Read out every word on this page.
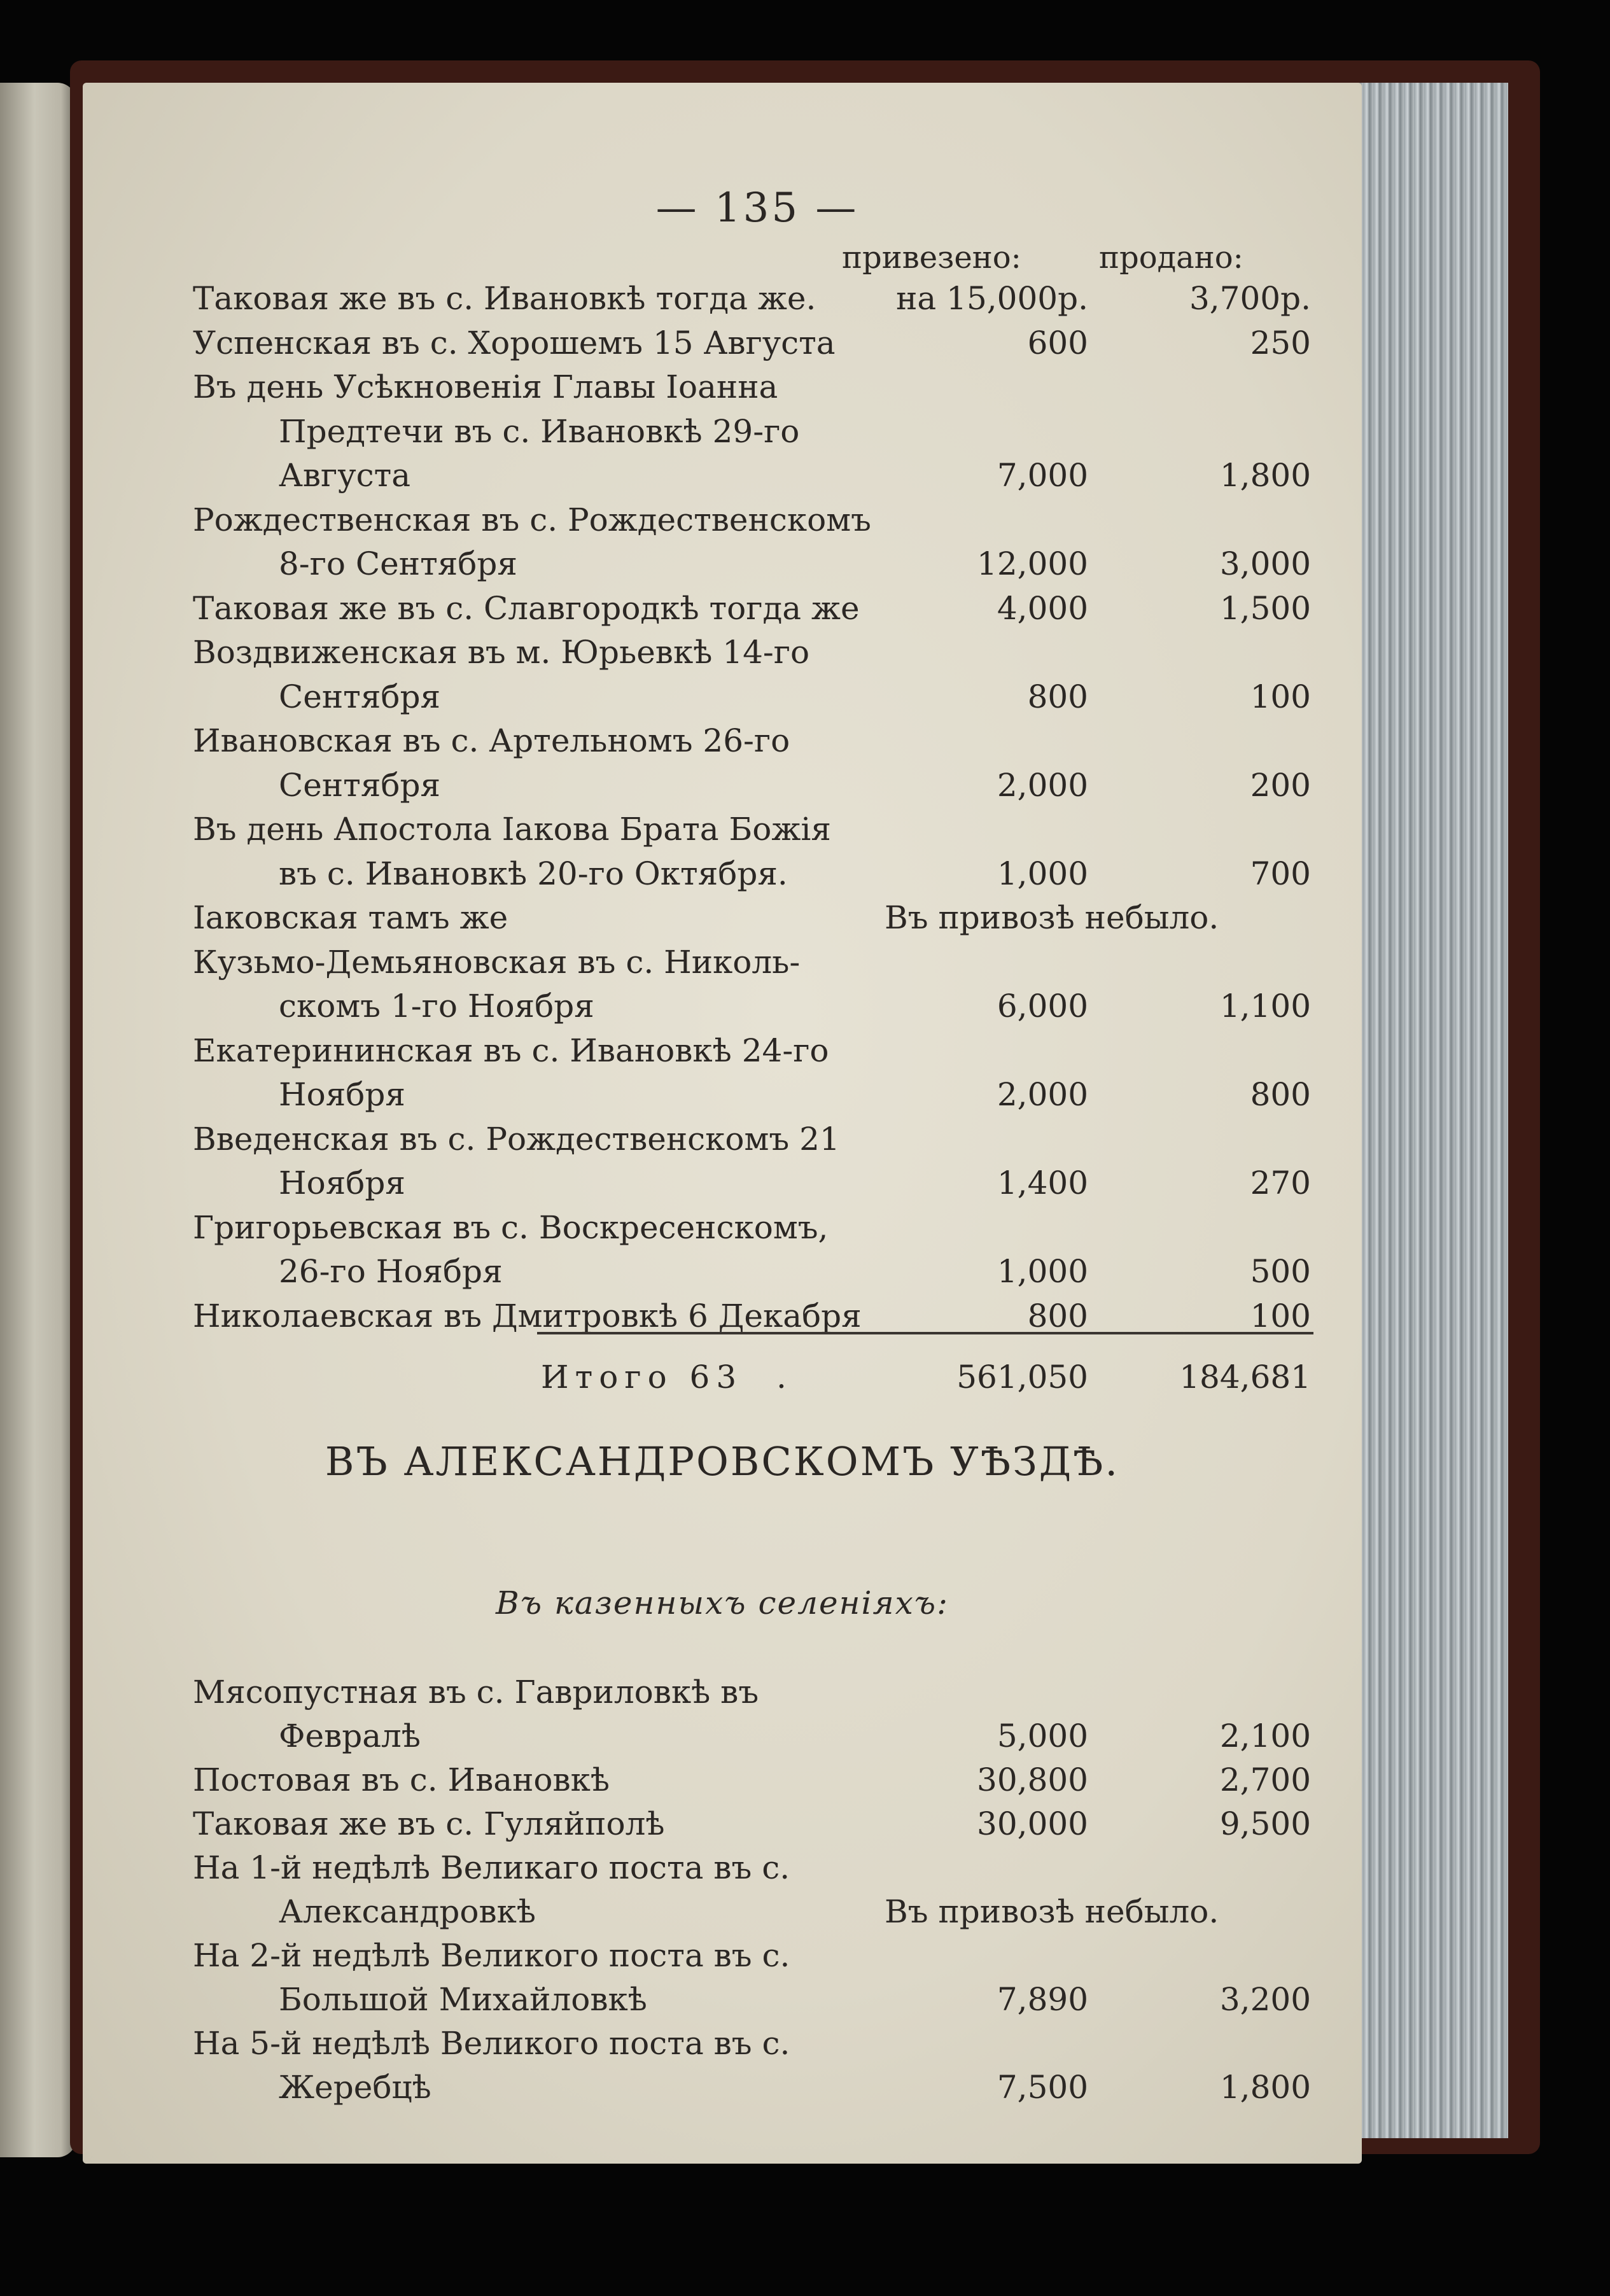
— 135 —
привезено:	продано:
Таковая же въ с. Ивановкѣ тогда же.	на 15,000р.	3,700р.
Успенская въ с. Хорошемъ 15 Августа	600	250
Въ день Усѣкновенія Главы Іоанна
Предтечи въ с. Ивановкѣ 29-го
Августа	7,000	1,800
Рождественская въ с. Рождественскомъ
8-го Сентября	12,000	3,000
Таковая же въ с. Славгородкѣ тогда же	4,000	1,500
Воздвиженская въ м. Юрьевкѣ 14-го
Сентября	800	100
Ивановская въ с. Артельномъ 26-го
Сентября	2,000	200
Въ день Апостола Іакова Брата Божія
въ с. Ивановкѣ 20-го Октября.	1,000	700
Іаковская тамъ же	Въ привозѣ небыло.
Кузьмо-Демьяновская въ с. Николь-
скомъ 1-го Ноября	6,000	1,100
Екатерининская въ с. Ивановкѣ 24-го
Ноября	2,000	800
Введенская въ с. Рождественскомъ 21
Ноября	1,400	270
Григорьевская въ с. Воскресенскомъ,
26-го Ноября	1,000	500
Николаевская въ Дмитровкѣ 6 Декабря	800	100
Итого 63 .	561,050	184,681
ВЪ АЛЕКСАНДРОВСКОМЪ УѢЗДѢ.
Въ казенныхъ селеніяхъ:
Мясопустная въ с. Гавриловкѣ въ
Февралѣ	5,000	2,100
Постовая въ с. Ивановкѣ	30,800	2,700
Таковая же въ с. Гуляйполѣ	30,000	9,500
На 1-й недѣлѣ Великаго поста въ с.
Александровкѣ	Въ привозѣ небыло.
На 2-й недѣлѣ Великого поста въ с.
Большой Михайловкѣ	7,890	3,200
На 5-й недѣлѣ Великого поста въ с.
Жеребцѣ	7,500	1,800
